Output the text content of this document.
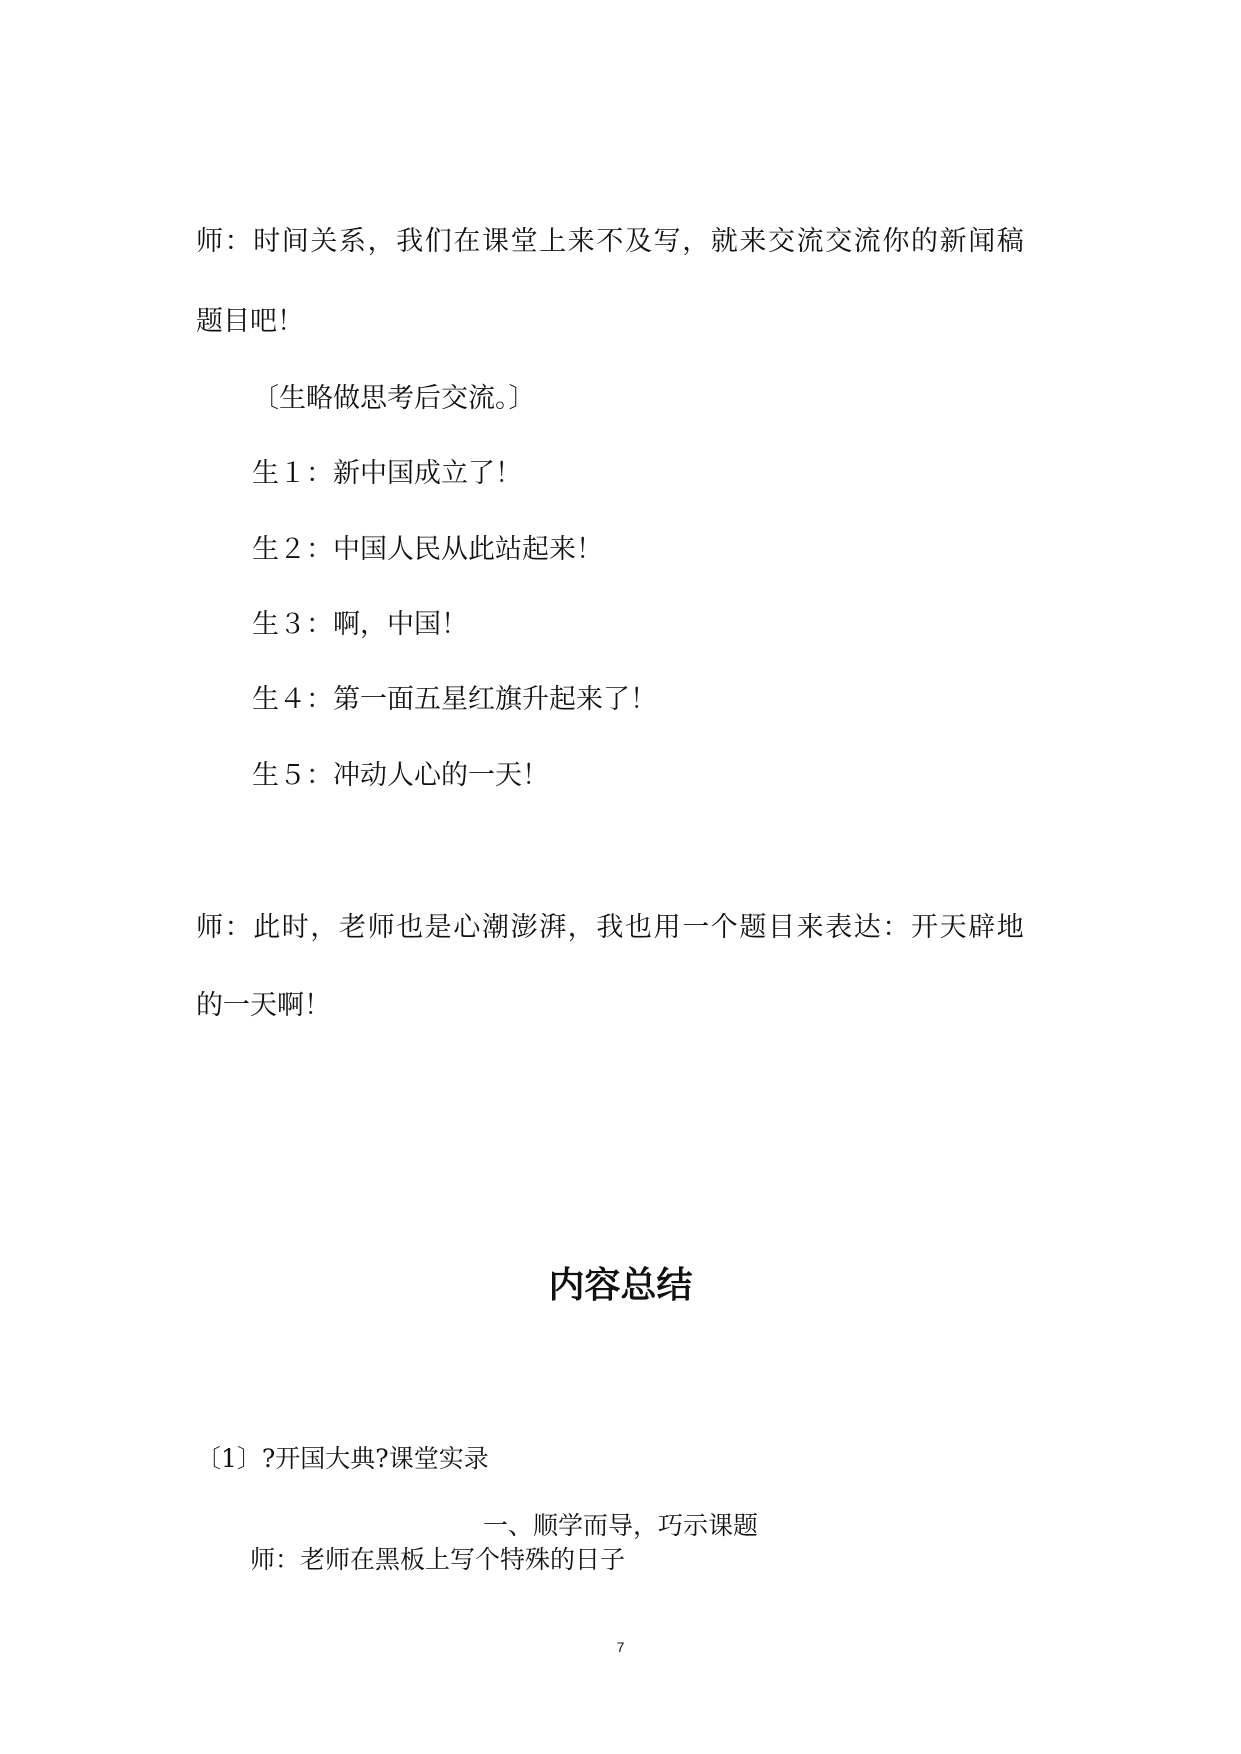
师：时间关系，我们在课堂上来不及写，就来交流交流你的新闻稿
题目吧！
〔生略做思考后交流。〕
生１：新中国成立了！
生２：中国人民从此站起来！
生３：啊，中国！
生４：第一面五星红旗升起来了！
生５：冲动人心的一天！
师：此时，老师也是心潮澎湃，我也用一个题目来表达：开天辟地
的一天啊！
内容总结
〔1〕?开国大典?课堂实录
一、顺学而导，巧示课题
师：老师在黑板上写个特殊的日子
7
